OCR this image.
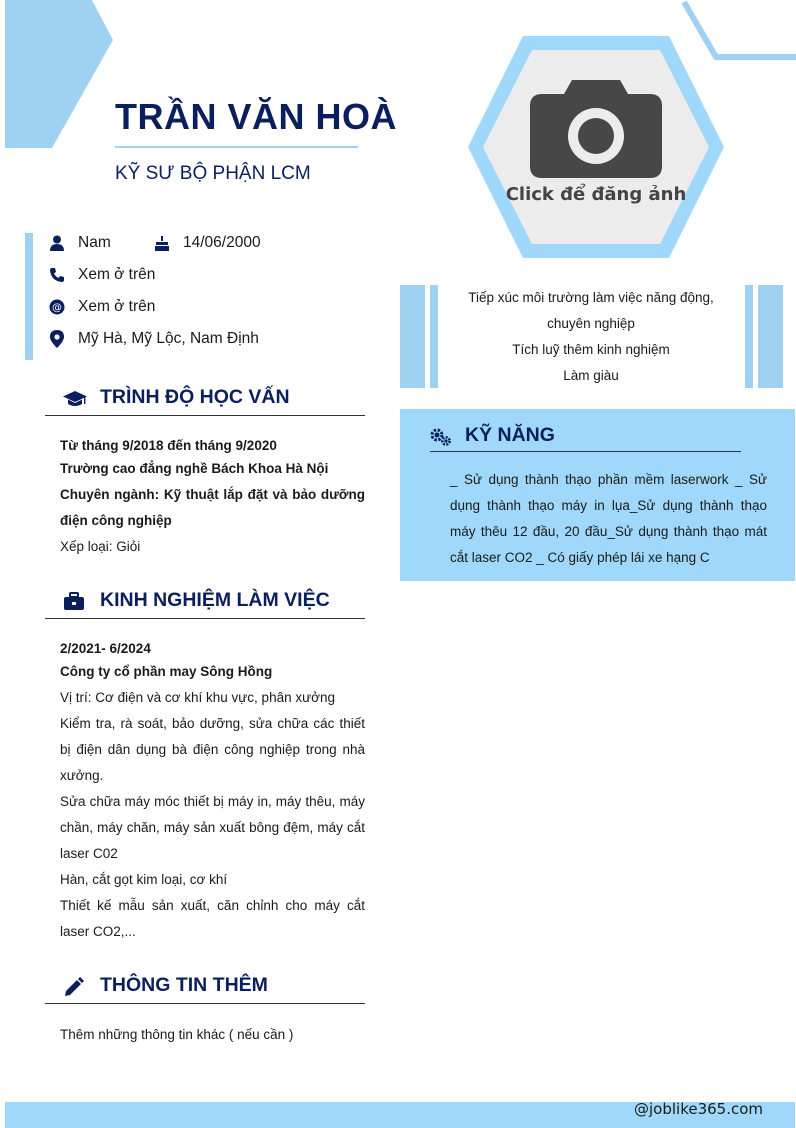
TRẦN VĂN HOÀ
KỸ SƯ BỘ PHẬN LCM
Click để đăng ảnh
Nam	14/06/2000
Xem ở trên
@ Xem ở trên
Mỹ Hà, Mỹ Lộc, Nam Định
Tiếp xúc môi trường làm việc năng động,
chuyên nghiệp
Tích luỹ thêm kinh nghiệm
Làm giàu
TRÌNH ĐỘ HỌC VẤN
Từ tháng 9/2018 đến tháng 9/2020
Trường cao đẳng nghề Bách Khoa Hà Nội
Chuyên ngành: Kỹ thuật lắp đặt và bảo dưỡng điện công nghiệp
Xếp loại: Giỏi
KINH NGHIỆM LÀM VIỆC
2/2021- 6/2024
Công ty cổ phần may Sông Hồng
Vị trí: Cơ điện và cơ khí khu vực, phân xưởng
Kiểm tra, rà soát, bảo dưỡng, sửa chữa các thiết bị điện dân dụng bà điện công nghiệp trong nhà xưởng.
Sửa chữa máy móc thiết bị máy in, máy thêu, máy chần, máy chăn, máy sản xuất bông đệm, máy cắt laser C02
Hàn, cắt gọt kim loại, cơ khí
Thiết kế mẫu sản xuất, căn chỉnh cho máy cắt laser CO2,...
THÔNG TIN THÊM
Thêm những thông tin khác ( nếu cần )
KỸ NĂNG
_ Sử dụng thành thạo phần mềm laserwork _ Sử dụng thành thạo máy in lụa_Sử dụng thành thạo máy thêu 12 đầu, 20 đầu_Sử dụng thành thạo mát cắt laser CO2 _ Có giấy phép lái xe hạng C
@joblike365.com
